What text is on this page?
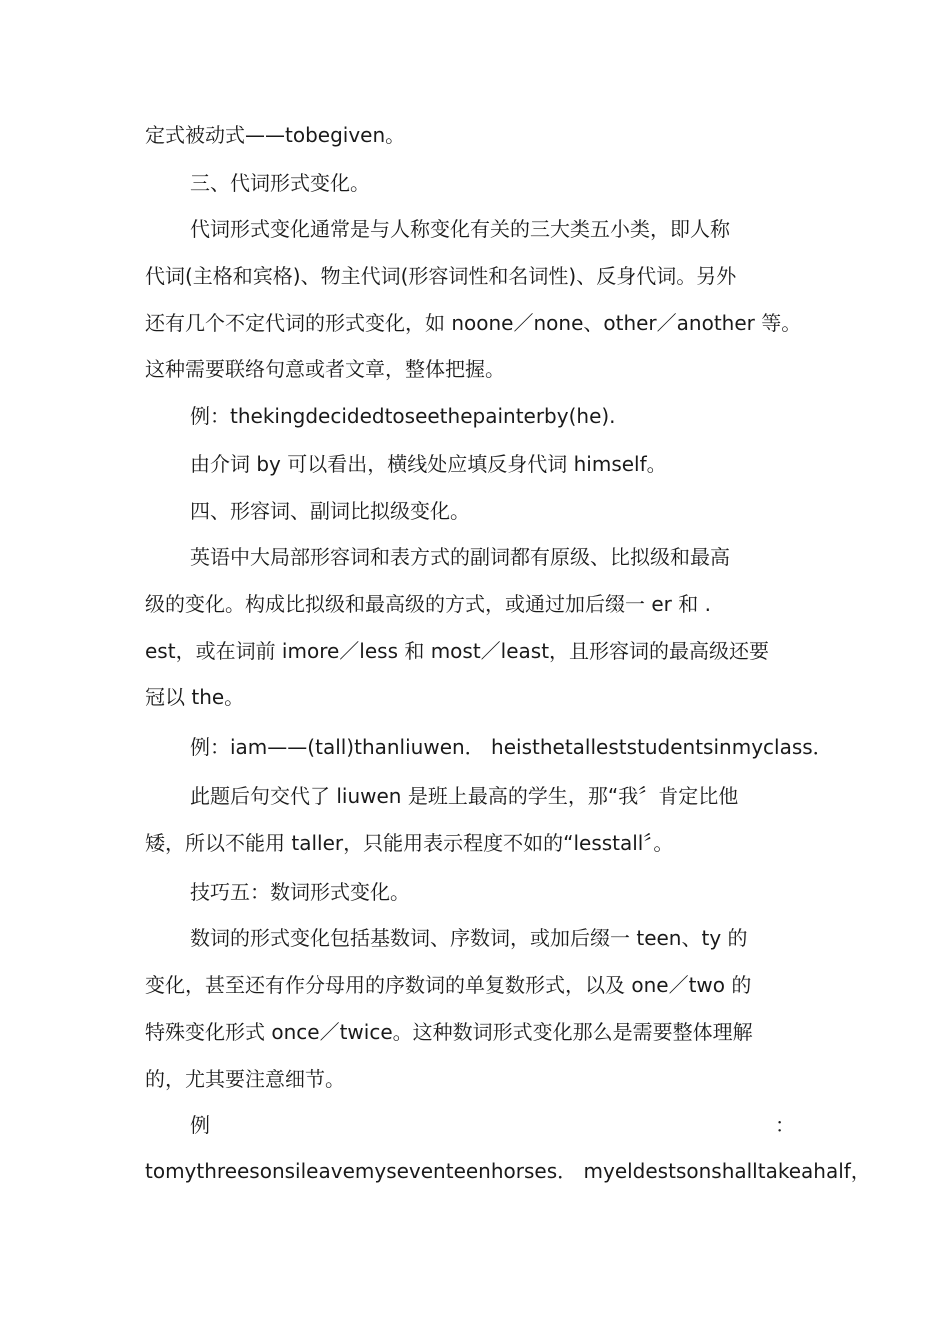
定式被动式——tobegiven。
三、代词形式变化。
代词形式变化通常是与人称变化有关的三大类五小类，即人称
代词(主格和宾格)、物主代词(形容词性和名词性)、反身代词。另外
还有几个不定代词的形式变化，如 noone／none、other／another 等。
这种需要联络句意或者文章，整体把握。
例：thekingdecidedtoseethepainterby(he).
由介词 by 可以看出，横线处应填反身代词 himself。
四、形容词、副词比拟级变化。
英语中大局部形容词和表方式的副词都有原级、比拟级和最高
级的变化。构成比拟级和最高级的方式，或通过加后缀一 er 和 .
est，或在词前 imore／less 和 most／least，且形容词的最高级还要
冠以 the。
例：iam——(tall)thanliuwen． heisthetalleststudentsinmyclass．
此题后句交代了 liuwen 是班上最高的学生，那“我〞肯定比他
矮，所以不能用 taller，只能用表示程度不如的“lesstall〞。
技巧五：数词形式变化。
数词的形式变化包括基数词、序数词，或加后缀一 teen、ty 的
变化，甚至还有作分母用的序数词的单复数形式，以及 one／two 的
特殊变化形式 once／twice。这种数词形式变化那么是需要整体理解
的，尤其要注意细节。
例	：
tomythreesonsileavemyseventeenhorses． myeldestsonshalltakeahalf，
